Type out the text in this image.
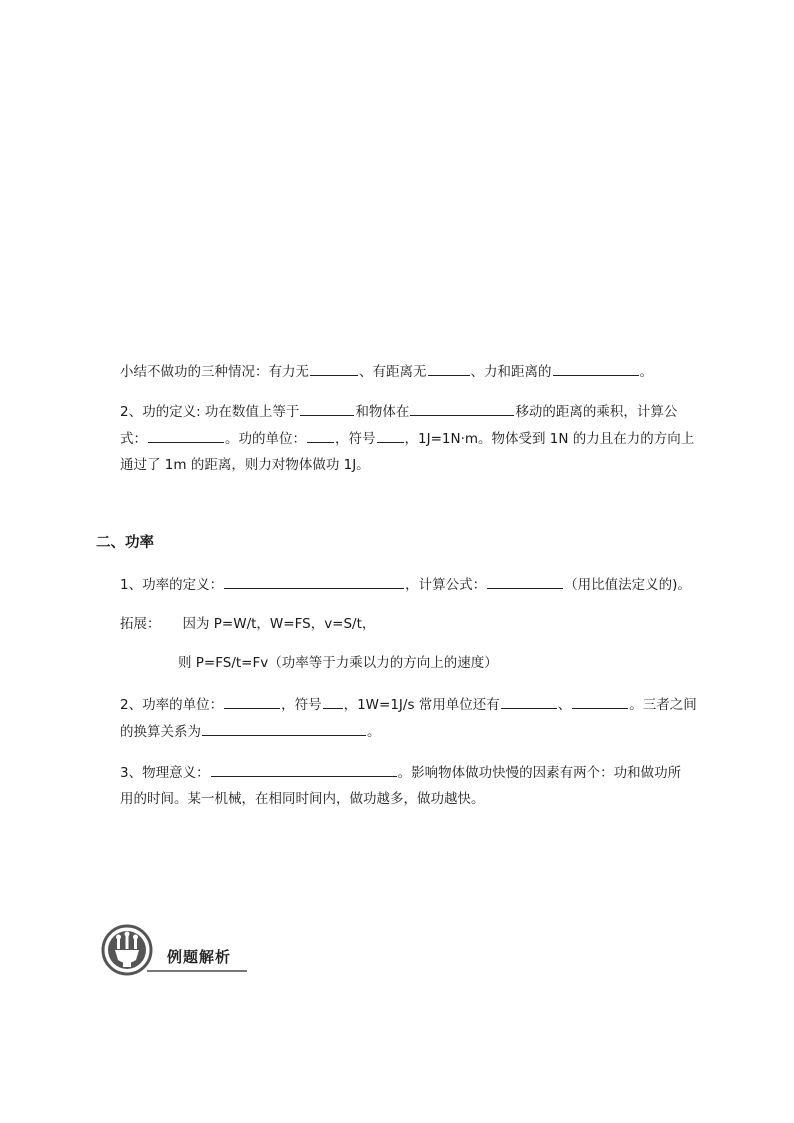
小结不做功的三种情况：有力无	、有距离无	、力和距离的	。
2、功的定义: 功在数值上等于	和物体在	移动的距离的乘积，计算公
式：	。功的单位： ，符号 ，1J=1N·m。物体受到 1N 的力且在力的方向上
通过了 1m 的距离，则力对物体做功 1J。
二、功率
1、功率的定义：	，计算公式：	（用比值法定义的)。
拓展： 因为 P=W/t，W=FS，v=S/t，
则 P=FS/t=Fv（功率等于力乘以力的方向上的速度）
2、功率的单位：	，符号 ，1W=1J/s 常用单位还有	、	。三者之间
的换算关系为	。
3、物理意义：	。影响物体做功快慢的因素有两个：功和做功所
用的时间。某一机械，在相同时间内，做功越多，做功越快。
例题解析
